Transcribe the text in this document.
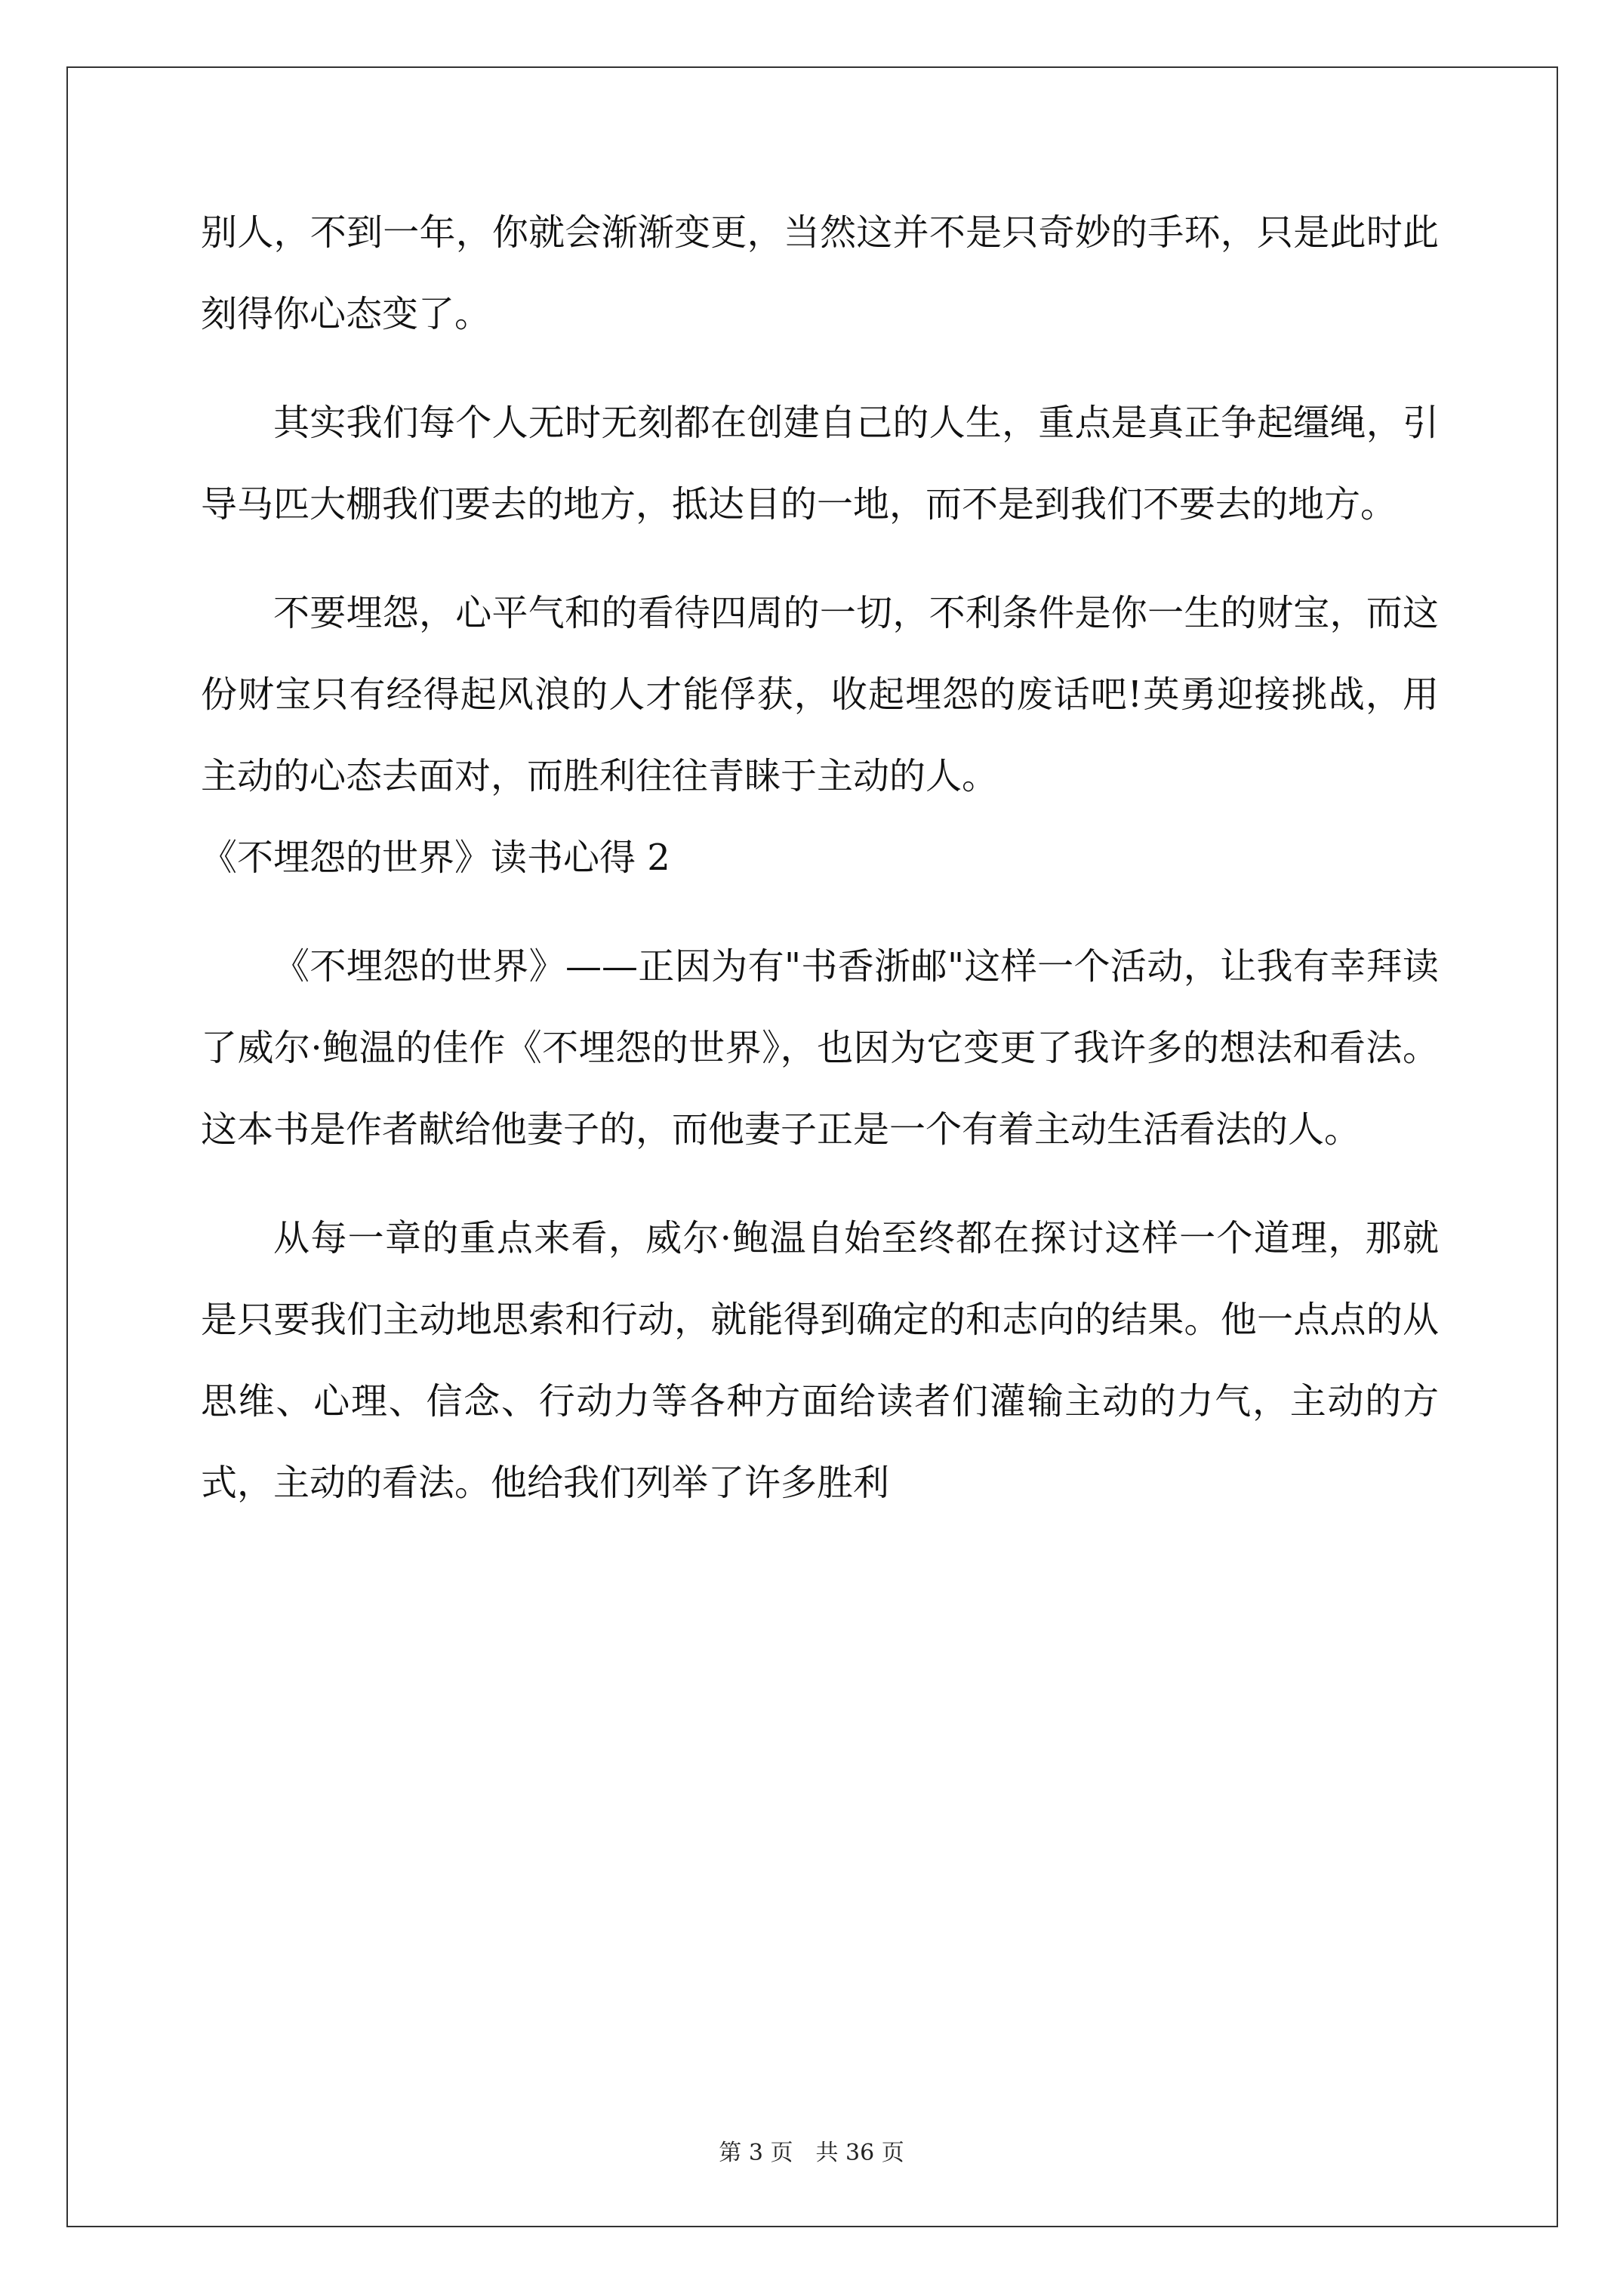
别人，不到一年，你就会渐渐变更，当然这并不是只奇妙的手环，只是此时此刻得你心态变了。

其实我们每个人无时无刻都在创建自己的人生，重点是真正争起缰绳，引导马匹大棚我们要去的地方，抵达目的一地，而不是到我们不要去的地方。

不要埋怨，心平气和的看待四周的一切，不利条件是你一生的财宝，而这份财宝只有经得起风浪的人才能俘获，收起埋怨的废话吧!英勇迎接挑战，用主动的心态去面对，而胜利往往青睐于主动的人。

《不埋怨的世界》读书心得 2

《不埋怨的世界》——正因为有"书香浙邮"这样一个活动，让我有幸拜读了威尔·鲍温的佳作《不埋怨的世界》，也因为它变更了我许多的想法和看法。这本书是作者献给他妻子的，而他妻子正是一个有着主动生活看法的人。

从每一章的重点来看，威尔·鲍温自始至终都在探讨这样一个道理，那就是只要我们主动地思索和行动，就能得到确定的和志向的结果。他一点点的从思维、心理、信念、行动力等各种方面给读者们灌输主动的力气，主动的方式，主动的看法。他给我们列举了许多胜利

第 3 页　共 36 页
